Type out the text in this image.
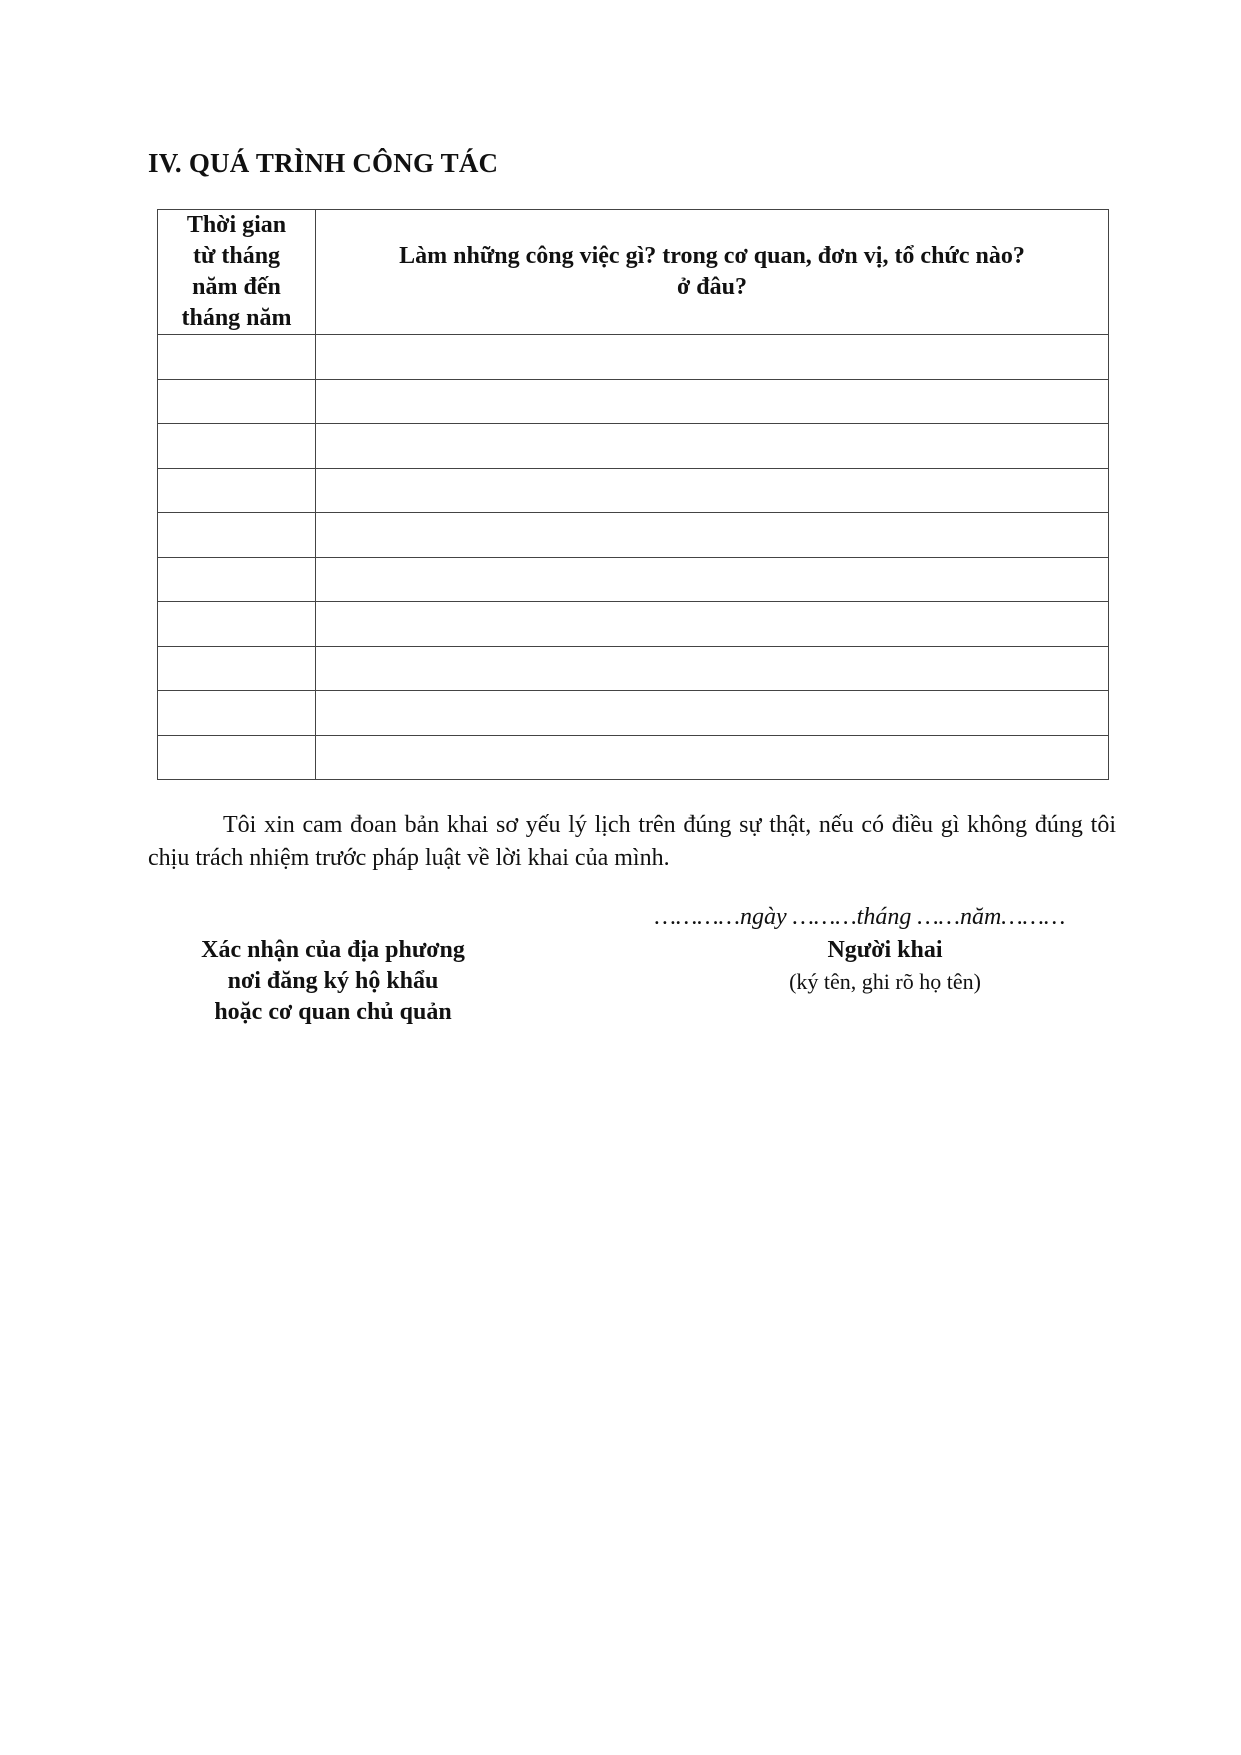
IV. QUÁ TRÌNH CÔNG TÁC
Thời gian
từ tháng
năm đến
tháng năm	Làm những công việc gì? trong cơ quan, đơn vị, tổ chức nào?
ở đâu?

Tôi xin cam đoan bản khai sơ yếu lý lịch trên đúng sự thật, nếu có điều gì không đúng tôi chịu trách nhiệm trước pháp luật về lời khai của mình.
…………ngày ………tháng ……năm………
Xác nhận của địa phương
nơi đăng ký hộ khẩu
hoặc cơ quan chủ quản
Người khai
(ký tên, ghi rõ họ tên)
